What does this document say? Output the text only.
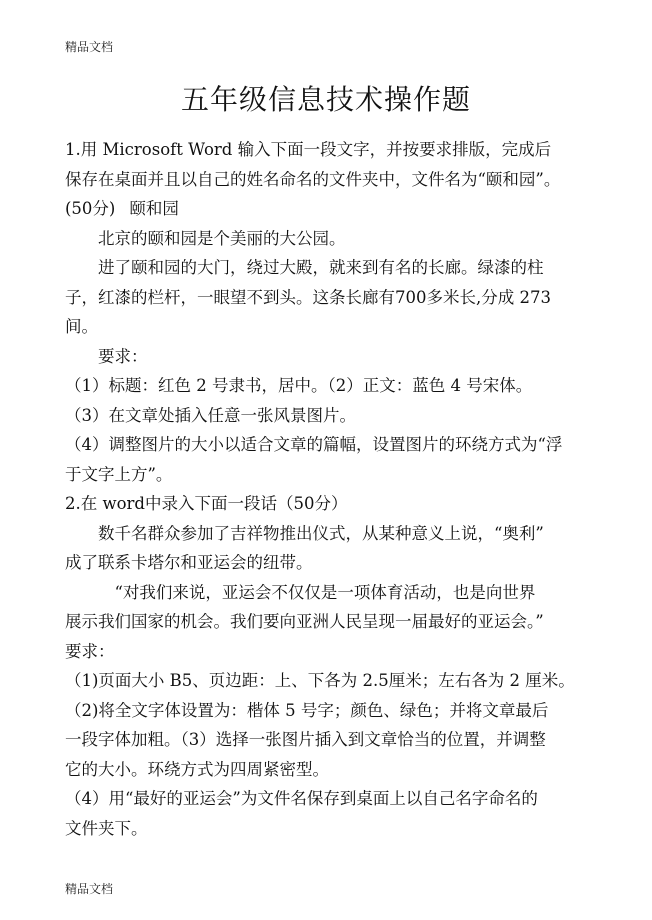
精品文档
五年级信息技术操作题

1.用 Microsoft Word 输入下面一段文字，并按要求排版，完成后

保存在桌面并且以自己的姓名命名的文件夹中，文件名为“颐和园”。

(50分) 颐和园

北京的颐和园是个美丽的大公园。

进了颐和园的大门，绕过大殿，就来到有名的长廊。绿漆的柱

子，红漆的栏杆，一眼望不到头。这条长廊有700多米长,分成 273

间。

要求：

（1）标题：红色 2 号隶书，居中。（2）正文：蓝色 4 号宋体。

（3）在文章处插入任意一张风景图片。

（4）调整图片的大小以适合文章的篇幅，设置图片的环绕方式为“浮

于文字上方”。

2.在 word中录入下面一段话（50分）

数千名群众参加了吉祥物推出仪式，从某种意义上说，“奥利”

成了联系卡塔尔和亚运会的纽带。

“对我们来说，亚运会不仅仅是一项体育活动，也是向世界

展示我们国家的机会。我们要向亚洲人民呈现一届最好的亚运会。”

要求：

（1)页面大小 B5、页边距：上、下各为 2.5厘米；左右各为 2 厘米。

（2)将全文字体设置为：楷体 5 号字；颜色、绿色；并将文章最后

一段字体加粗。（3）选择一张图片插入到文章恰当的位置，并调整

它的大小。环绕方式为四周紧密型。

（4）用“最好的亚运会”为文件名保存到桌面上以自己名字命名的

文件夹下。

精品文档
